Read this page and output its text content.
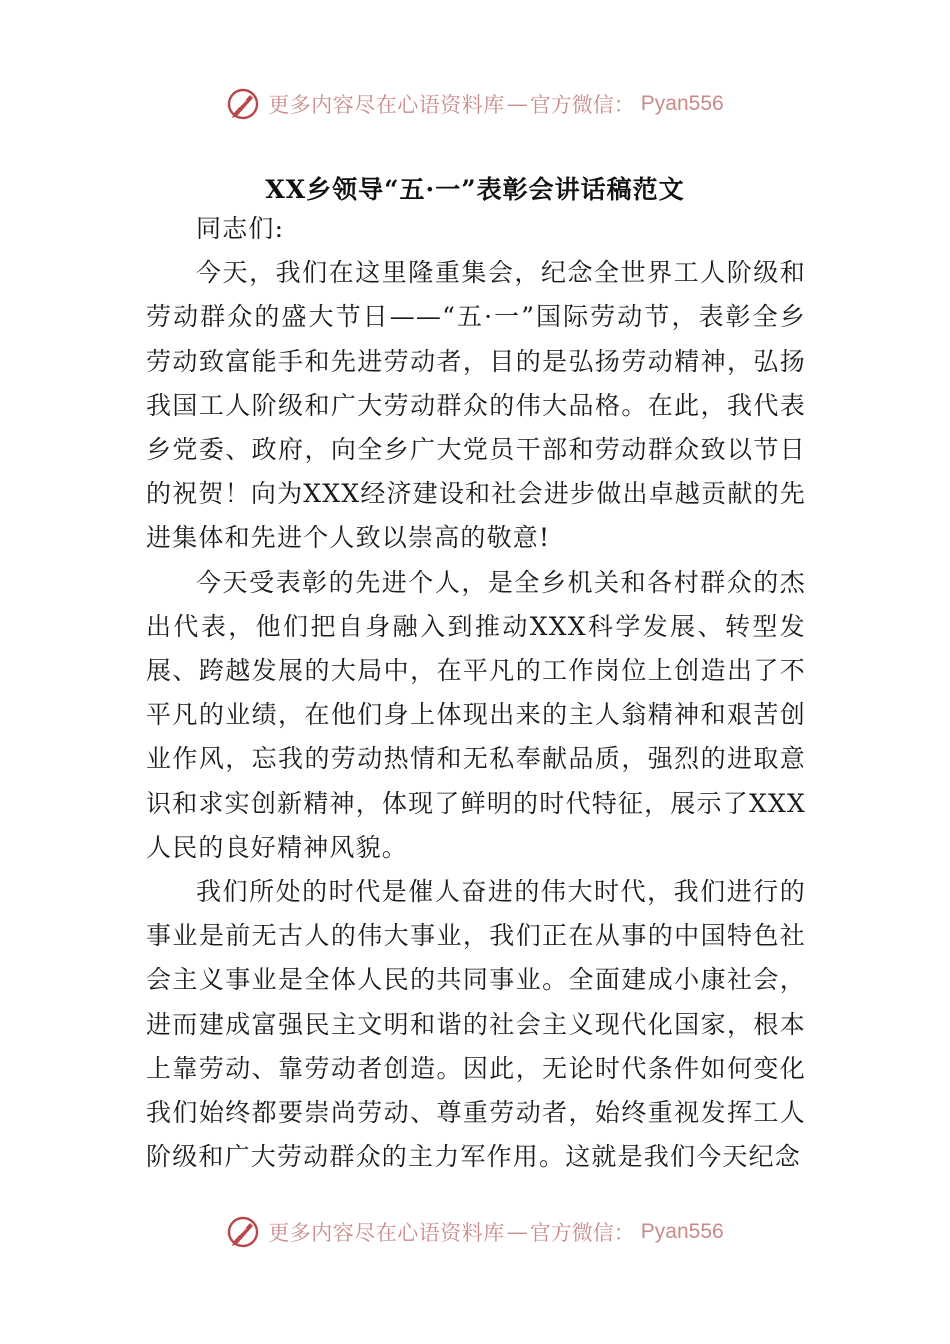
更多内容尽在心语资料库 — 官方微信： Pyan556
XX乡领导“五·一”表彰会讲话稿范文

同志们:

今天，我们在这里隆重集会，纪念全世界工人阶级和劳动群众的盛大节日——“五·一”国际劳动节，表彰全乡劳动致富能手和先进劳动者，目的是弘扬劳动精神，弘扬我国工人阶级和广大劳动群众的伟大品格。在此，我代表乡党委、政府，向全乡广大党员干部和劳动群众致以节日的祝贺！向为XXX经济建设和社会进步做出卓越贡献的先进集体和先进个人致以崇高的敬意!

今天受表彰的先进个人，是全乡机关和各村群众的杰出代表，他们把自身融入到推动XXX科学发展、转型发展、跨越发展的大局中，在平凡的工作岗位上创造出了不平凡的业绩，在他们身上体现出来的主人翁精神和艰苦创业作风，忘我的劳动热情和无私奉献品质，强烈的进取意识和求实创新精神，体现了鲜明的时代特征，展示了XXX人民的良好精神风貌。

我们所处的时代是催人奋进的伟大时代，我们进行的事业是前无古人的伟大事业，我们正在从事的中国特色社会主义事业是全体人民的共同事业。全面建成小康社会，进而建成富强民主文明和谐的社会主义现代化国家，根本上靠劳动、靠劳动者创造。因此，无论时代条件如何变化我们始终都要崇尚劳动、尊重劳动者，始终重视发挥工人阶级和广大劳动群众的主力军作用。这就是我们今天纪念

更多内容尽在心语资料库 — 官方微信： Pyan556
